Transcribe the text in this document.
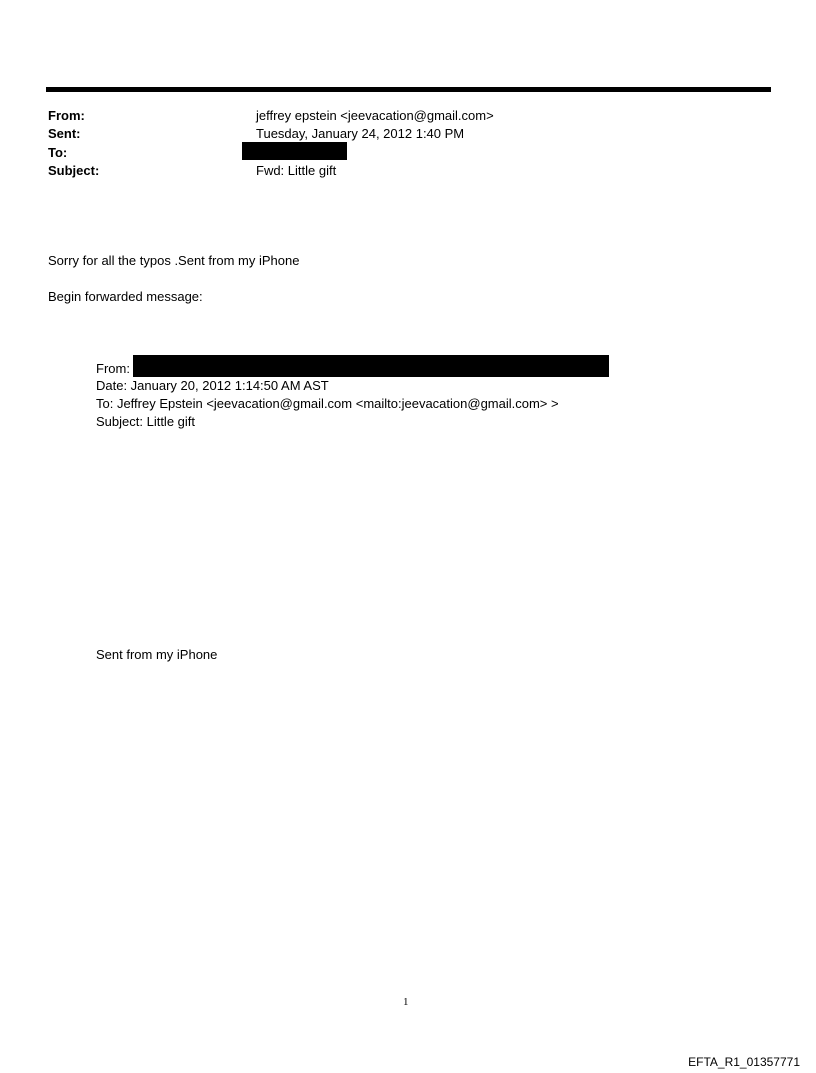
From:	jeffrey epstein <jeevacation@gmail.com>
Sent:	Tuesday, January 24, 2012 1:40 PM
To:
Subject:	Fwd: Little gift
Sorry for all the typos .Sent from my iPhone
Begin forwarded message:
From:
Date: January 20, 2012 1:14:50 AM AST
To: Jeffrey Epstein <jeevacation@gmail.com <mailto:jeevacation@gmail.com> >
Subject: Little gift
Sent from my iPhone
1
EFTA_R1_01357771
